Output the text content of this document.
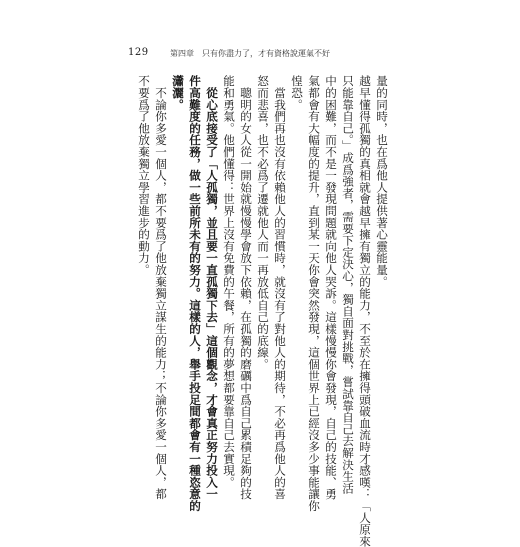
129	第四章　只有你盡力了，才有資格說運氣不好
量的同時，也在爲他人提供著心靈能量。
越早懂得孤獨的真相就會越早擁有獨立的能力，不至於在擁得頭破血流時才感嘆：「人原來
只能靠自己。」成爲強者，需要下定決心，獨自面對挑戰，嘗試靠自己去解決生活
中的困難，而不是一發現問題就向他人哭訴。這樣慢慢你會發現，自己的技能、勇
氣都會有大幅度的提升，直到某一天你會突然發現，這個世界上已經沒多少事能讓你
惶恐。
　當我們再也沒有依賴他人的習慣時，就沒有了對他人的期待，不必再爲他人的喜
怒而悲喜，也不必爲了遷就他人而一再放低自己的底線。
　聰明的女人從一開始就慢慢學會放下依賴，在孤獨的磨礪中爲自己累積足夠的技
能和勇氣。他們懂得：世界上沒有免費的午餐，所有的夢想都要靠自己去實現。
　從心底接受了「人孤獨，並且要一直孤獨下去」這個觀念，才會真正努力投入一
件高難度的任務，做一些前所未有的努力。這樣的人，舉手投足間都會有一種恣意的
瀟灑。
　不論你多愛一個人，都不要爲了他放棄獨立謀生的能力；不論你多愛一個人，都
不要爲了他放棄獨立學習進步的動力。
